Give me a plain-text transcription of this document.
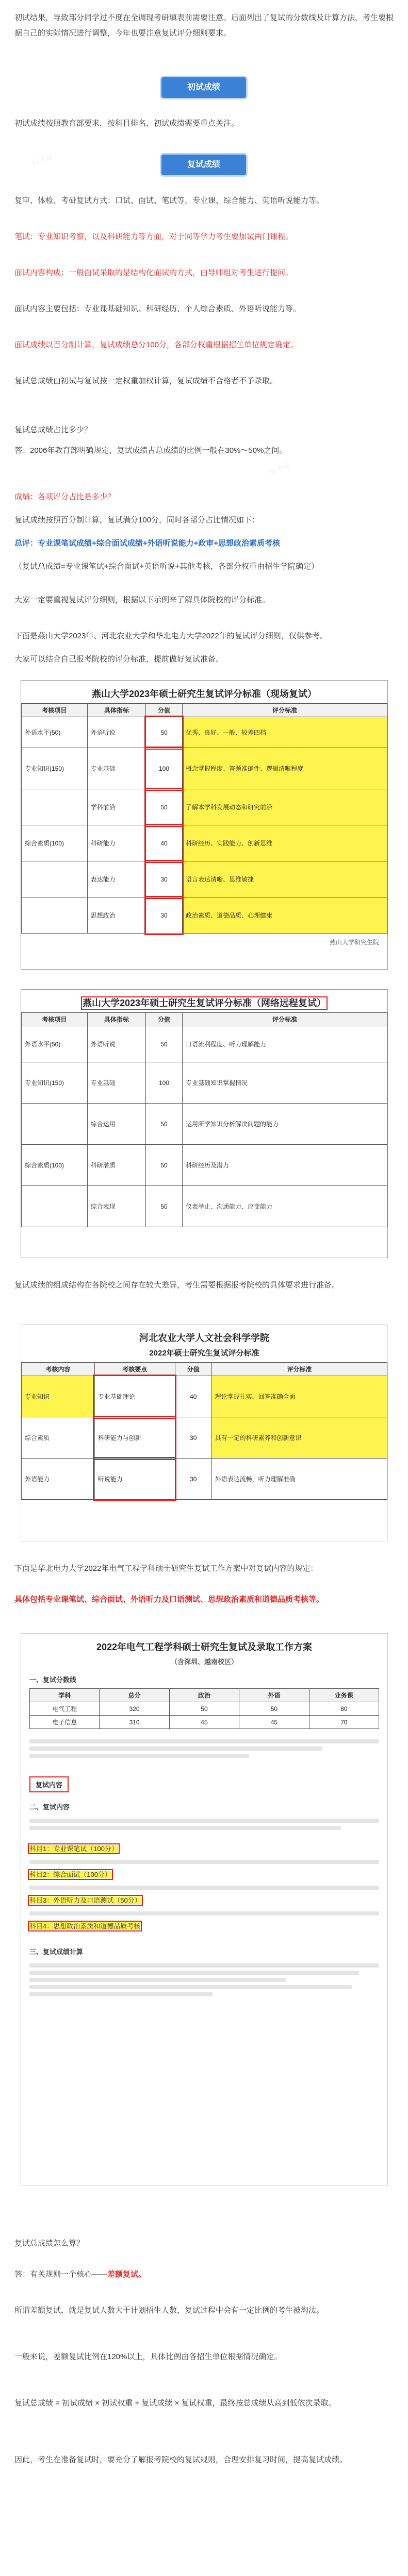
51考研
51考研

初试结果，导致部分同学过不度在全调现考研填表前需要注意。后面列出了复试的分数线及计算方法，考生要根据自己的实际情况进行调整，今年也要注意复试评分细则要求。

初试成绩

初试成绩按照教育部要求，按科目排名，初试成绩需要重点关注。

复试成绩

复审、体检、考研复试方式：口试、面试、笔试等，专业课、综合能力、英语听说能力等。

笔试：专业知识考察，以及科研能力等方面，对于同等学力考生要加试两门课程。

面试内容构成：一般面试采取的是结构化面试的方式，由导师组对考生进行提问。

面试内容主要包括：专业课基础知识、科研经历、个人综合素质、外语听说能力等。

面试成绩以百分制计算，复试成绩总分100分，各部分权重根据招生单位规定确定。

复试总成绩由初试与复试按一定权重加权计算，复试成绩不合格者不予录取。

复试总成绩占比多少？

答：2006年教育部明确规定，复试成绩占总成绩的比例一般在30%～50%之间。

成绩：各项评分占比是多少？

复试成绩按照百分制计算，复试满分100分，同时各部分占比情况如下：

总评：专业课笔试成绩+综合面试成绩+外语听说能力+政审+思想政治素质考核

（复试总成绩=专业课笔试+综合面试+英语听说+其他考核，各部分权重由招生学院确定）

大家一定要重视复试评分细则，根据以下示例来了解具体院校的评分标准。

下面是燕山大学2023年、河北农业大学和华北电力大学2022年的复试评分细则，仅供参考。

大家可以结合自己报考院校的评分标准，提前做好复试准备。

燕山大学2023年硕士研究生复试评分标准（现场复试）
考核项目	具体指标	分值	评分标准
外语水平(50)	外语听说	50	优秀、良好、一般、较差四档
专业知识(150)	专业基础	100	概念掌握程度、答题准确性、逻辑清晰程度
	学科前沿	50	了解本学科发展动态和研究前沿
综合素质(100)	科研能力	40	科研经历、实践能力、创新思维
	表达能力	30	语言表达清晰、思维敏捷
	思想政治	30	政治素质、道德品质、心理健康
燕山大学研究生院
燕山大学2023年硕士研究生复试评分标准（网络远程复试）
考核项目	具体指标	分值	评分标准
外语水平(50)	外语听说	50	口语流利程度、听力理解能力
专业知识(150)	专业基础	100	专业基础知识掌握情况
	综合运用	50	运用所学知识分析解决问题的能力
综合素质(100)	科研潜质	50	科研经历及潜力
	综合表现	50	仪表举止、沟通能力、应变能力

复试成绩的组成结构在各院校之间存在较大差异，考生需要根据报考院校的具体要求进行准备。

河北农业大学人文社会科学学院
2022年硕士研究生复试评分标准
考核内容	考核要点	分值	评分标准
专业知识	专业基础理论	40	理论掌握扎实，回答准确全面
综合素质	科研能力与创新	30	具有一定的科研素养和创新意识
外语能力	听说能力	30	外语表达流畅，听力理解准确

下面是华北电力大学2022年电气工程学科硕士研究生复试工作方案中对复试内容的规定：

具体包括专业课笔试、综合面试、外语听力及口语测试、思想政治素质和道德品质考核等。

2022年电气工程学科硕士研究生复试及录取工作方案
（含深圳、越南校区）
一、复试分数线
学科	总分	政治	外语	业务课
电气工程	320	50	50	80
电子信息	310	45	45	70
复试内容
二、复试内容
科目1：专业课笔试（100分）
科目2：综合面试（100分）
科目3：外语听力及口语测试（50分）
科目4：思想政治素质和道德品质考核
三、复试成绩计算

复试总成绩怎么算？

答：有关规则一个核心——差额复试。

所谓差额复试，就是复试人数大于计划招生人数，复试过程中会有一定比例的考生被淘汰。

一般来说，差额复试比例在120%以上，具体比例由各招生单位根据情况确定。

复试总成绩 = 初试成绩 × 初试权重 + 复试成绩 × 复试权重，最终按总成绩从高到低依次录取。

因此，考生在准备复试时，要充分了解报考院校的复试规则，合理安排复习时间，提高复试成绩。
